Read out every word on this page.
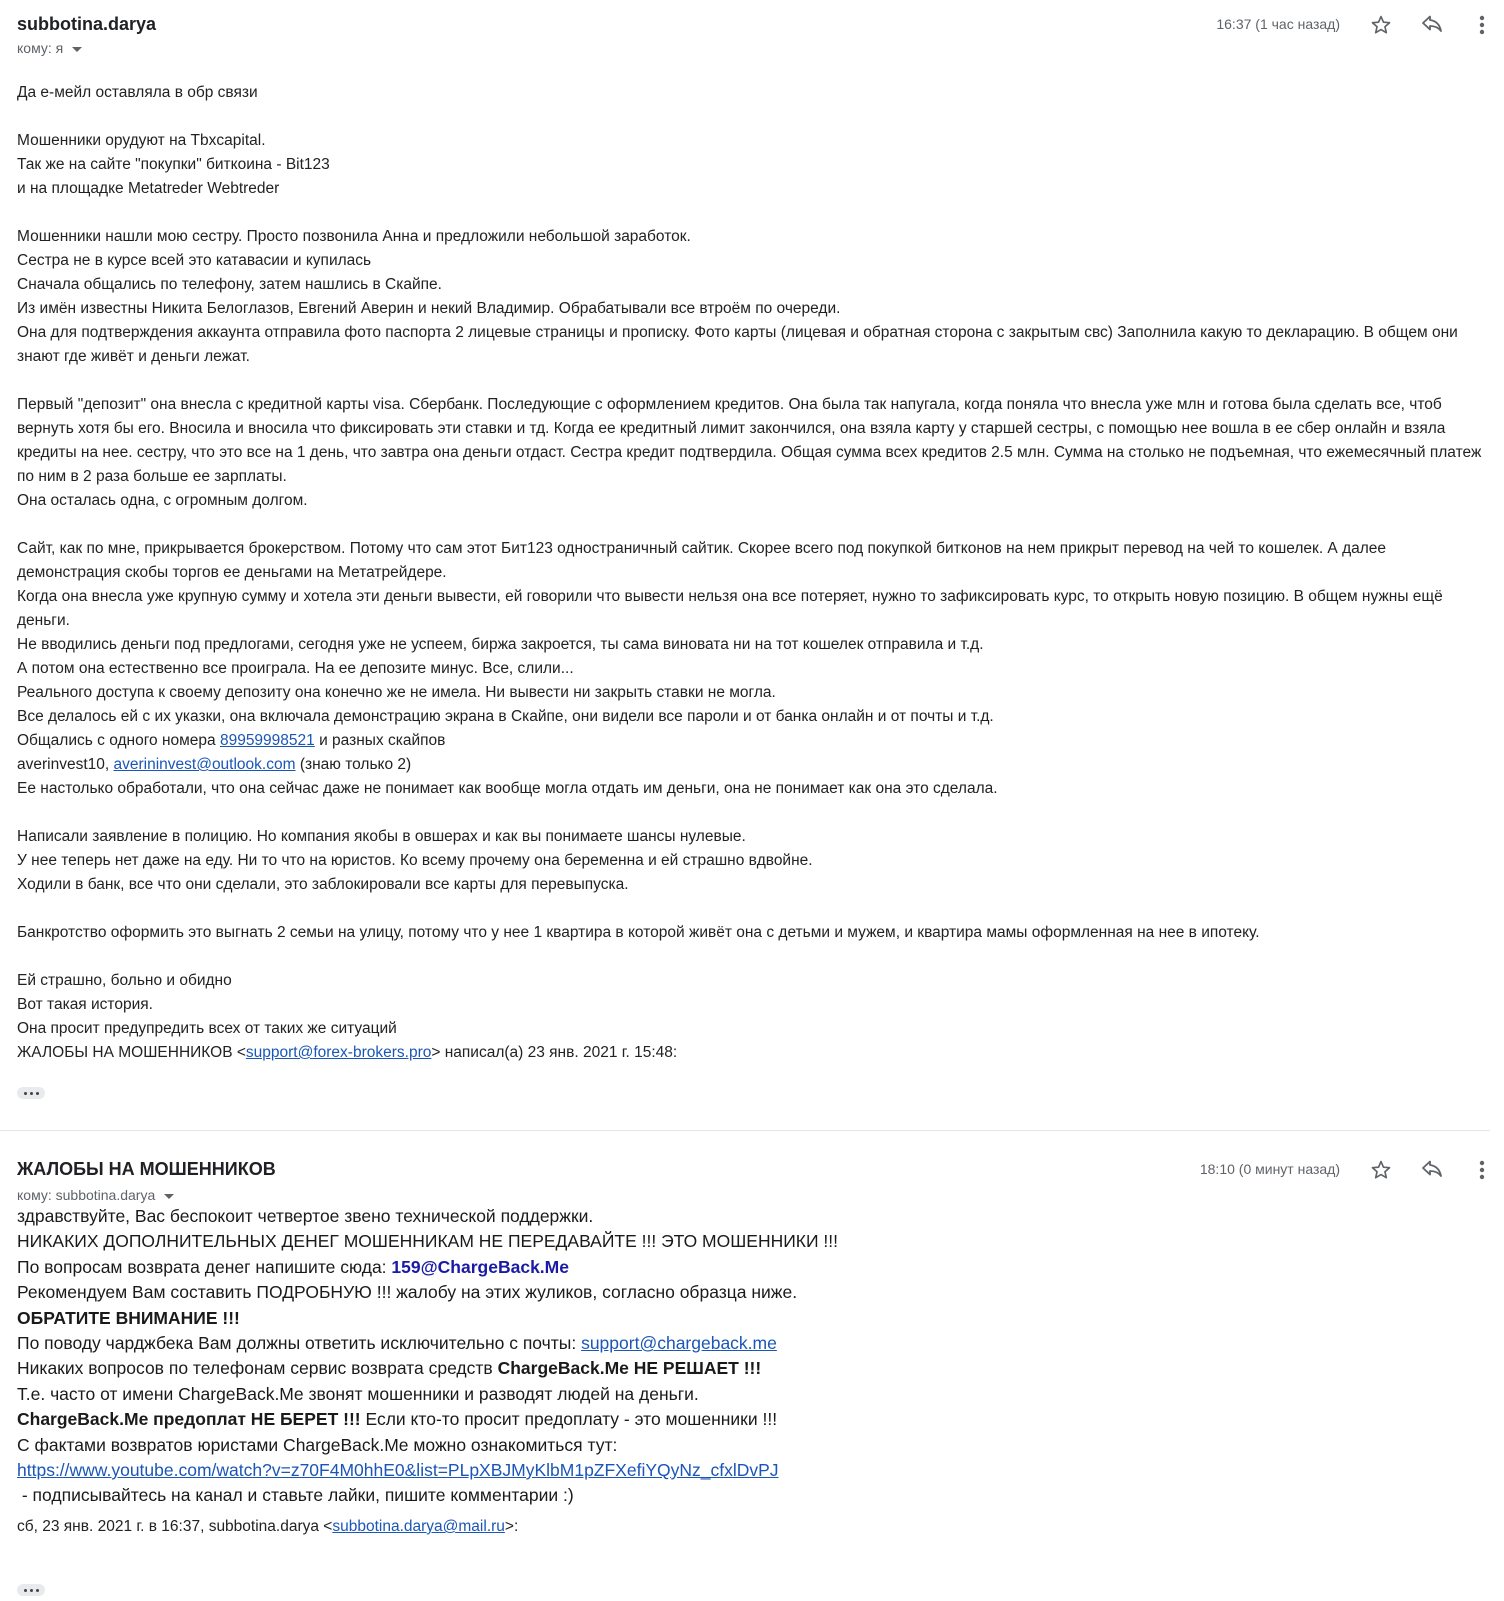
subbotina.darya
кому: я
16:37 (1 час назад)

Да е-мейл оставляла в обр связи

Мошенники орудуют на Tbxcapital.

Так же на сайте "покупки" биткоина - Bit123

и на площадке Metatreder Webtreder

Мошенники нашли мою сестру. Просто позвонила Анна и предложили небольшой заработок.

Сестра не в курсе всей это катавасии и купилась

Сначала общались по телефону, затем нашлись в Скайпе.

Из имён известны Никита Белоглазов, Евгений Аверин и некий Владимир. Обрабатывали все втроём по очереди.

Она для подтверждения аккаунта отправила фото паспорта 2 лицевые страницы и прописку. Фото карты (лицевая и обратная сторона с закрытым свс) Заполнила какую то декларацию. В общем они знают где живёт и деньги лежат.

Первый "депозит" она внесла с кредитной карты visa. Сбербанк. Последующие с оформлением кредитов. Она была так напугала, когда поняла что внесла уже млн и готова была сделать все, чтоб вернуть хотя бы его. Вносила и вносила что фиксировать эти ставки и тд. Когда ее кредитный лимит закончился, она взяла карту у старшей сестры, с помощью нее вошла в ее сбер онлайн и взяла кредиты на нее. сестру, что это все на 1 день, что завтра она деньги отдаст. Сестра кредит подтвердила. Общая сумма всех кредитов 2.5 млн. Сумма на столько не подъемная, что ежемесячный платеж по ним в 2 раза больше ее зарплаты.

Она осталась одна, с огромным долгом.

Сайт, как по мне, прикрывается брокерством. Потому что сам этот Бит123 одностраничный сайтик. Скорее всего под покупкой битконов на нем прикрыт перевод на чей то кошелек. А далее демонстрация скобы торгов ее деньгами на Метатрейдере.

Когда она внесла уже крупную сумму и хотела эти деньги вывести, ей говорили что вывести нельзя она все потеряет, нужно то зафиксировать курс, то открыть новую позицию. В общем нужны ещё деньги.

Не вводились деньги под предлогами, сегодня уже не успеем, биржа закроется, ты сама виновата ни на тот кошелек отправила и т.д.

А потом она естественно все проиграла. На ее депозите минус. Все, слили...

Реального доступа к своему депозиту она конечно же не имела. Ни вывести ни закрыть ставки не могла.

Все делалось ей с их указки, она включала демонстрацию экрана в Скайпе, они видели все пароли и от банка онлайн и от почты и т.д.

Общались с одного номера 89959998521 и разных скайпов

averinvest10, averininvest@outlook.com (знаю только 2)

Ее настолько обработали, что она сейчас даже не понимает как вообще могла отдать им деньги, она не понимает как она это сделала.

Написали заявление в полицию. Но компания якобы в овшерах и как вы понимаете шансы нулевые.

У нее теперь нет даже на еду. Ни то что на юристов. Ко всему прочему она беременна и ей страшно вдвойне.

Ходили в банк, все что они сделали, это заблокировали все карты для перевыпуска.

Банкротство оформить это выгнать 2 семьи на улицу, потому что у нее 1 квартира в которой живёт она с детьми и мужем, и квартира мамы оформленная на нее в ипотеку.

Ей страшно, больно и обидно

Вот такая история.

Она просит предупредить всех от таких же ситуаций

ЖАЛОБЫ НА МОШЕННИКОВ <support@forex-brokers.pro> написал(а) 23 янв. 2021 г. 15:48:

ЖАЛОБЫ НА МОШЕННИКОВ
кому: subbotina.darya
18:10 (0 минут назад)

здравствуйте, Вас беспокоит четвертое звено технической поддержки.

НИКАКИХ ДОПОЛНИТЕЛЬНЫХ ДЕНЕГ МОШЕННИКАМ НЕ ПЕРЕДАВАЙТЕ !!! ЭТО МОШЕННИКИ !!!

По вопросам возврата денег напишите сюда: 159@ChargeBack.Me

Рекомендуем Вам составить ПОДРОБНУЮ !!! жалобу на этих жуликов, согласно образца ниже.

ОБРАТИТЕ ВНИМАНИЕ !!!

По поводу чарджбека Вам должны ответить исключительно с почты: support@chargeback.me

Никаких вопросов по телефонам сервис возврата средств ChargeBack.Me НЕ РЕШАЕТ !!!

Т.е. часто от имени ChargeBack.Me звонят мошенники и разводят людей на деньги.

ChargeBack.Me предоплат НЕ БЕРЕТ !!! Если кто-то просит предоплату - это мошенники !!!

С фактами возвратов юристами ChargeBack.Me можно ознакомиться тут:

https://www.youtube.com/watch?v=z70F4M0hhE0&list=PLpXBJMyKlbM1pZFXefiYQyNz_cfxlDvPJ

- подписывайтесь на канал и ставьте лайки, пишите комментарии :)

сб, 23 янв. 2021 г. в 16:37, subbotina.darya <subbotina.darya@mail.ru>:
